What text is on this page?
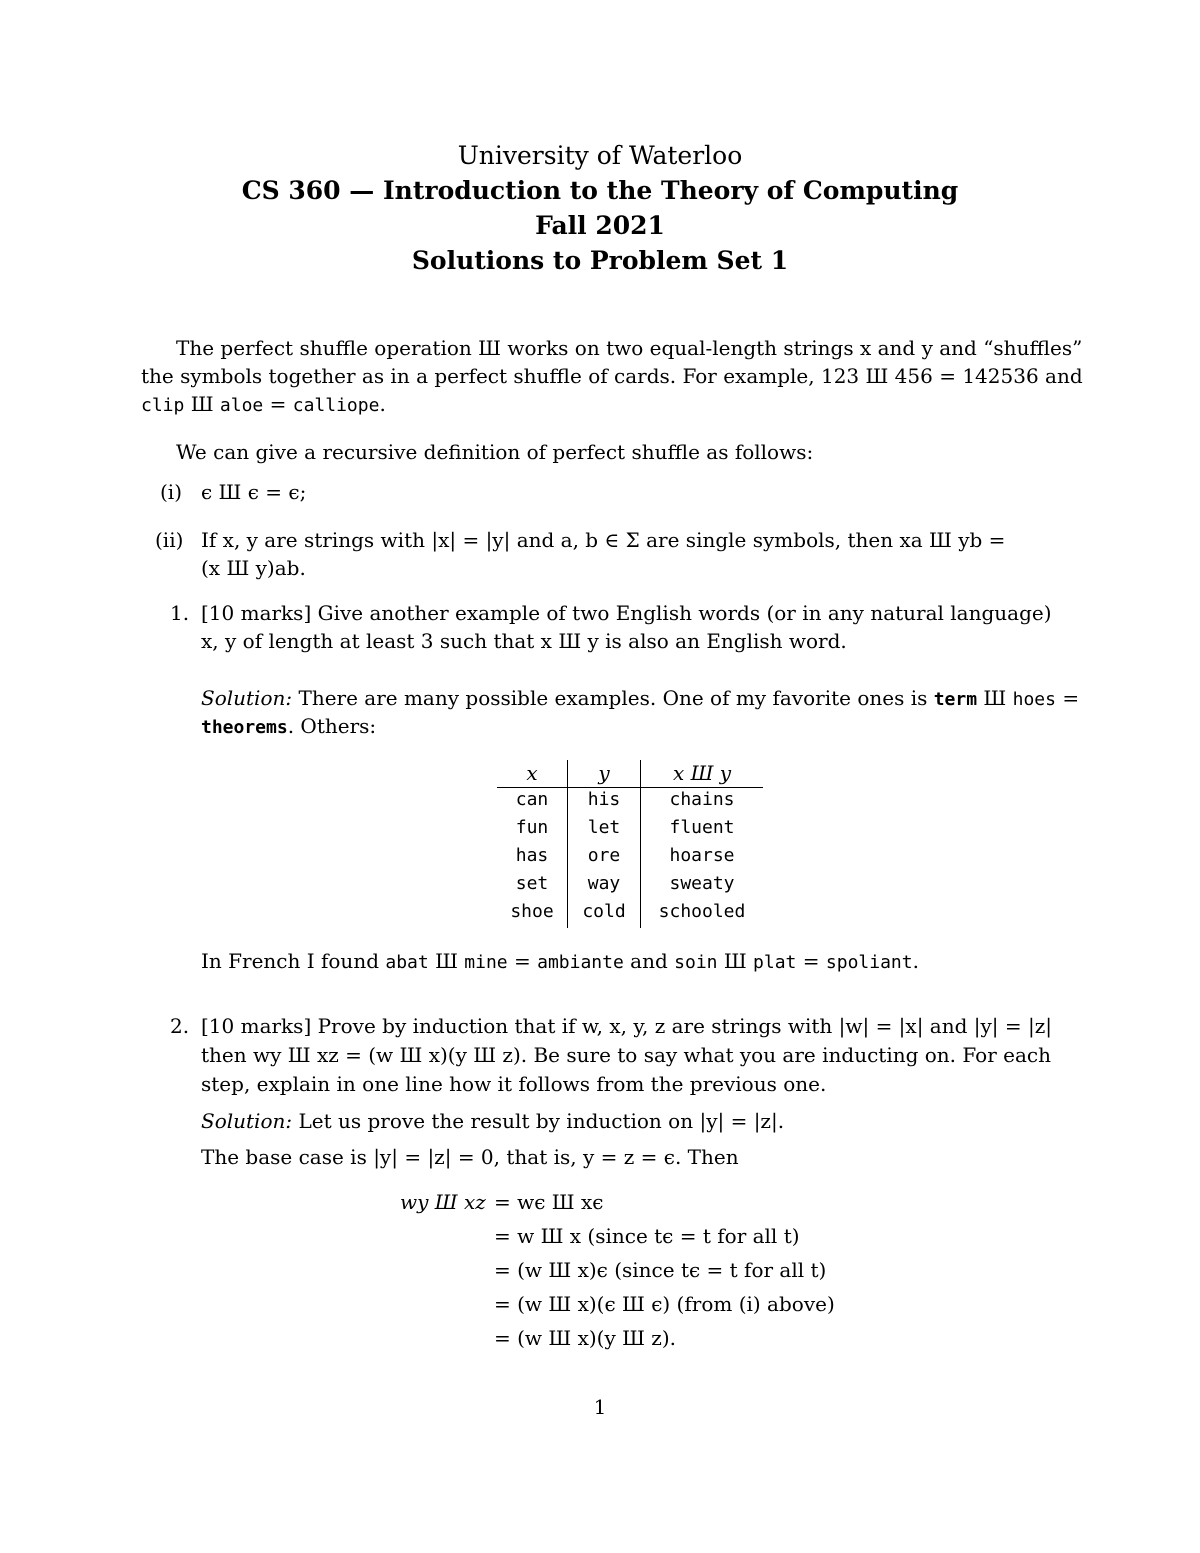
University of Waterloo
CS 360 — Introduction to the Theory of Computing
Fall 2021
Solutions to Problem Set 1
The perfect shuffle operation Ш works on two equal-length strings x and y and “shuffles”
the symbols together as in a perfect shuffle of cards. For example, 123 Ш 456 = 142536 and
clip Ш aloe = calliope.
We can give a recursive definition of perfect shuffle as follows:
(i) ϵ Ш ϵ = ϵ;
(ii) If x, y are strings with |x| = |y| and a, b ∈ Σ are single symbols, then xa Ш yb =
(x Ш y)ab.
1. [10 marks] Give another example of two English words (or in any natural language)
x, y of length at least 3 such that x Ш y is also an English word.
Solution: There are many possible examples. One of my favorite ones is term Ш hoes =
theorems. Others:
x	y	x Ш y
can	his	chains
fun	let	fluent
has	ore	hoarse
set	way	sweaty
shoe	cold	schooled
In French I found abat Ш mine = ambiante and soin Ш plat = spoliant.
2. [10 marks] Prove by induction that if w, x, y, z are strings with |w| = |x| and |y| = |z|
then wy Ш xz = (w Ш x)(y Ш z). Be sure to say what you are inducting on. For each
step, explain in one line how it follows from the previous one.
Solution: Let us prove the result by induction on |y| = |z|.
The base case is |y| = |z| = 0, that is, y = z = ϵ. Then
wy Ш xz = wϵ Ш xϵ
= w Ш x (since tϵ = t for all t)
= (w Ш x)ϵ (since tϵ = t for all t)
= (w Ш x)(ϵ Ш ϵ) (from (i) above)
= (w Ш x)(y Ш z).
1
